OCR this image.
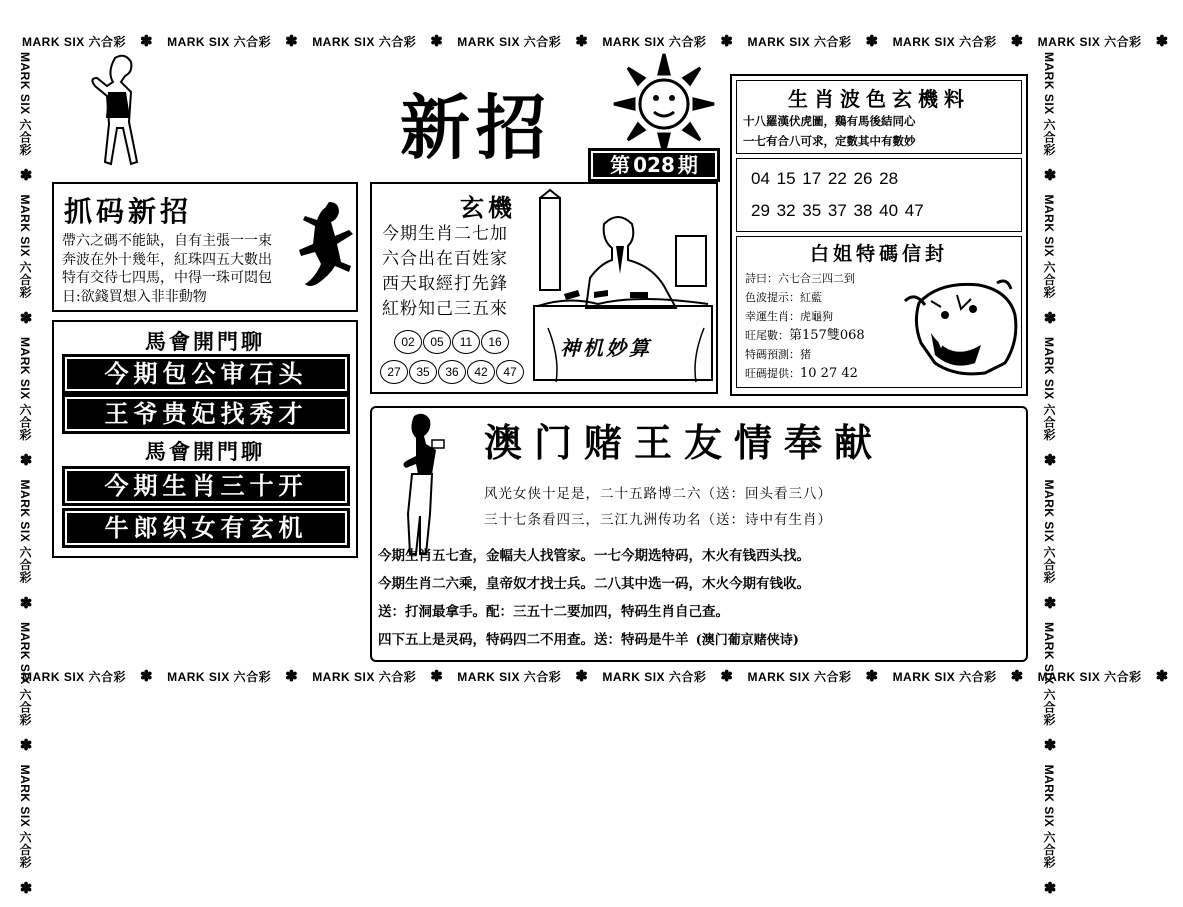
MARK SIX 六合彩 ✽ MARK SIX 六合彩 ✽ MARK SIX 六合彩 ✽ MARK SIX 六合彩 ✽ MARK SIX 六合彩 ✽ MARK SIX 六合彩 ✽ MARK SIX 六合彩 ✽ MARK SIX 六合彩 ✽
MARK SIX 六合彩 ✽ MARK SIX 六合彩 ✽ MARK SIX 六合彩 ✽ MARK SIX 六合彩 ✽ MARK SIX 六合彩 ✽ MARK SIX 六合彩 ✽ MARK SIX 六合彩 ✽ MARK SIX 六合彩 ✽
MARK SIX 六合彩✽MARK SIX 六合彩✽MARK SIX 六合彩✽MARK SIX 六合彩✽MARK SIX 六合彩✽MARK SIX 六合彩✽
MARK SIX 六合彩✽MARK SIX 六合彩✽MARK SIX 六合彩✽MARK SIX 六合彩✽MARK SIX 六合彩✽MARK SIX 六合彩✽
新招	第 028 期
抓码新招
帶六之碼不能缺，自有主張一一束
奔波在外十幾年，紅珠四五大數出
特有交待七四馬，中得一珠可悶包
日:欲錢買想入非非動物
馬會開門聊
今期包公审石头
王爷贵妃找秀才
馬會開門聊
今期生肖三十开
牛郎织女有玄机
玄機
今期生肖二七加
六合出在百姓家
西天取經打先鋒
紅粉知己三五來
02 05 11 16
27 35 36 42 47
神机妙算
生肖波色玄機料
十八羅漢伏虎圖，鷄有馬後結同心
一七有合八可求，定數其中有數妙
04 15 17 22 26 28
29 32 35 37 38 40 47
白姐特碼信封
詩曰：六七合三四二到
色波提示：紅藍
幸運生肖：虎龜狗
旺尾數：第157雙068
特碼預測：猪
旺碼提供：10 27 42
澳门赌王友情奉献
风光女侠十足是，二十五路博二六（送：回头看三八）
三十七条看四三，三江九洲传功名（送：诗中有生肖）
今期生肖五七查，金幅夫人找管家。一七今期选特码，木火有钱西头找。
今期生肖二六乘，皇帝奴才找士兵。二八其中选一码，木火今期有钱收。
送：打洞最拿手。配：三五十二要加四，特码生肖自己查。
四下五上是灵码，特码四二不用查。送：特码是牛羊 (澳门葡京赌侠诗)
